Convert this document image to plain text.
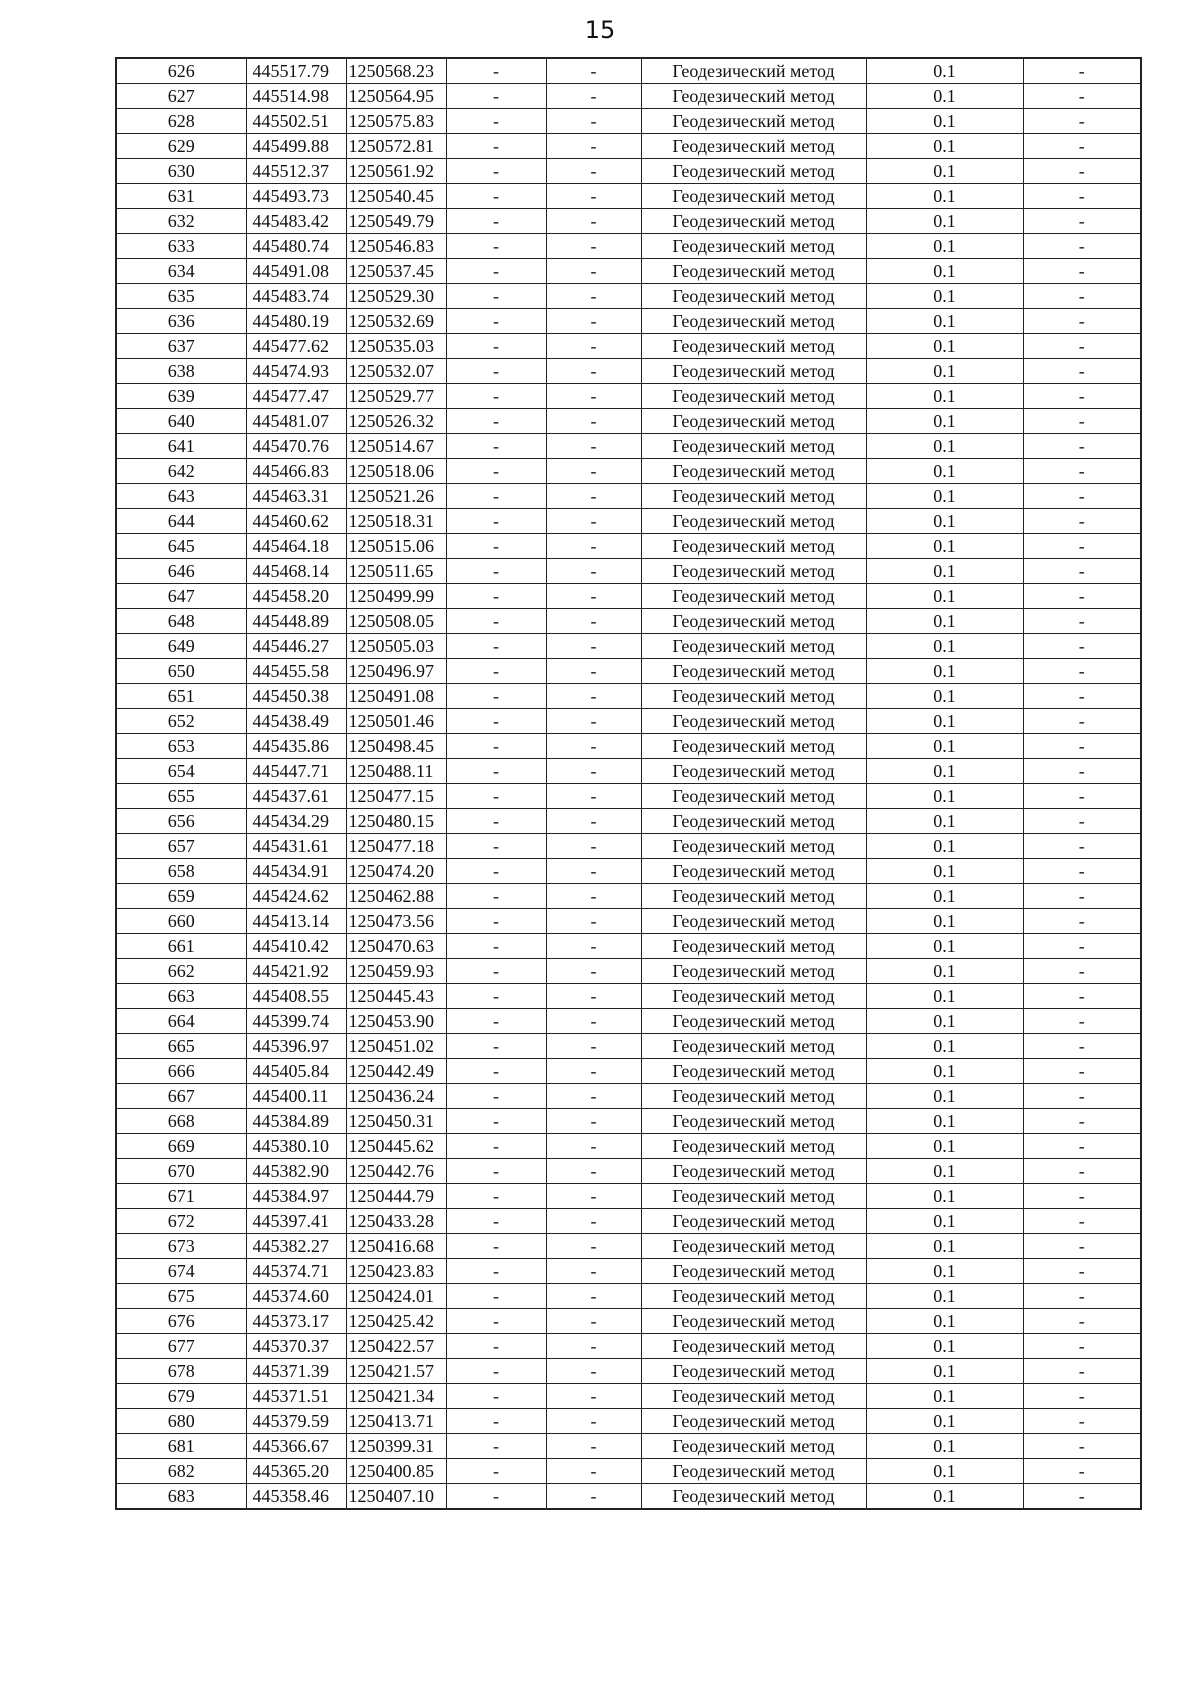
15
626	445517.79	1250568.23	-	-	Геодезический метод	0.1	-
627	445514.98	1250564.95	-	-	Геодезический метод	0.1	-
628	445502.51	1250575.83	-	-	Геодезический метод	0.1	-
629	445499.88	1250572.81	-	-	Геодезический метод	0.1	-
630	445512.37	1250561.92	-	-	Геодезический метод	0.1	-
631	445493.73	1250540.45	-	-	Геодезический метод	0.1	-
632	445483.42	1250549.79	-	-	Геодезический метод	0.1	-
633	445480.74	1250546.83	-	-	Геодезический метод	0.1	-
634	445491.08	1250537.45	-	-	Геодезический метод	0.1	-
635	445483.74	1250529.30	-	-	Геодезический метод	0.1	-
636	445480.19	1250532.69	-	-	Геодезический метод	0.1	-
637	445477.62	1250535.03	-	-	Геодезический метод	0.1	-
638	445474.93	1250532.07	-	-	Геодезический метод	0.1	-
639	445477.47	1250529.77	-	-	Геодезический метод	0.1	-
640	445481.07	1250526.32	-	-	Геодезический метод	0.1	-
641	445470.76	1250514.67	-	-	Геодезический метод	0.1	-
642	445466.83	1250518.06	-	-	Геодезический метод	0.1	-
643	445463.31	1250521.26	-	-	Геодезический метод	0.1	-
644	445460.62	1250518.31	-	-	Геодезический метод	0.1	-
645	445464.18	1250515.06	-	-	Геодезический метод	0.1	-
646	445468.14	1250511.65	-	-	Геодезический метод	0.1	-
647	445458.20	1250499.99	-	-	Геодезический метод	0.1	-
648	445448.89	1250508.05	-	-	Геодезический метод	0.1	-
649	445446.27	1250505.03	-	-	Геодезический метод	0.1	-
650	445455.58	1250496.97	-	-	Геодезический метод	0.1	-
651	445450.38	1250491.08	-	-	Геодезический метод	0.1	-
652	445438.49	1250501.46	-	-	Геодезический метод	0.1	-
653	445435.86	1250498.45	-	-	Геодезический метод	0.1	-
654	445447.71	1250488.11	-	-	Геодезический метод	0.1	-
655	445437.61	1250477.15	-	-	Геодезический метод	0.1	-
656	445434.29	1250480.15	-	-	Геодезический метод	0.1	-
657	445431.61	1250477.18	-	-	Геодезический метод	0.1	-
658	445434.91	1250474.20	-	-	Геодезический метод	0.1	-
659	445424.62	1250462.88	-	-	Геодезический метод	0.1	-
660	445413.14	1250473.56	-	-	Геодезический метод	0.1	-
661	445410.42	1250470.63	-	-	Геодезический метод	0.1	-
662	445421.92	1250459.93	-	-	Геодезический метод	0.1	-
663	445408.55	1250445.43	-	-	Геодезический метод	0.1	-
664	445399.74	1250453.90	-	-	Геодезический метод	0.1	-
665	445396.97	1250451.02	-	-	Геодезический метод	0.1	-
666	445405.84	1250442.49	-	-	Геодезический метод	0.1	-
667	445400.11	1250436.24	-	-	Геодезический метод	0.1	-
668	445384.89	1250450.31	-	-	Геодезический метод	0.1	-
669	445380.10	1250445.62	-	-	Геодезический метод	0.1	-
670	445382.90	1250442.76	-	-	Геодезический метод	0.1	-
671	445384.97	1250444.79	-	-	Геодезический метод	0.1	-
672	445397.41	1250433.28	-	-	Геодезический метод	0.1	-
673	445382.27	1250416.68	-	-	Геодезический метод	0.1	-
674	445374.71	1250423.83	-	-	Геодезический метод	0.1	-
675	445374.60	1250424.01	-	-	Геодезический метод	0.1	-
676	445373.17	1250425.42	-	-	Геодезический метод	0.1	-
677	445370.37	1250422.57	-	-	Геодезический метод	0.1	-
678	445371.39	1250421.57	-	-	Геодезический метод	0.1	-
679	445371.51	1250421.34	-	-	Геодезический метод	0.1	-
680	445379.59	1250413.71	-	-	Геодезический метод	0.1	-
681	445366.67	1250399.31	-	-	Геодезический метод	0.1	-
682	445365.20	1250400.85	-	-	Геодезический метод	0.1	-
683	445358.46	1250407.10	-	-	Геодезический метод	0.1	-
